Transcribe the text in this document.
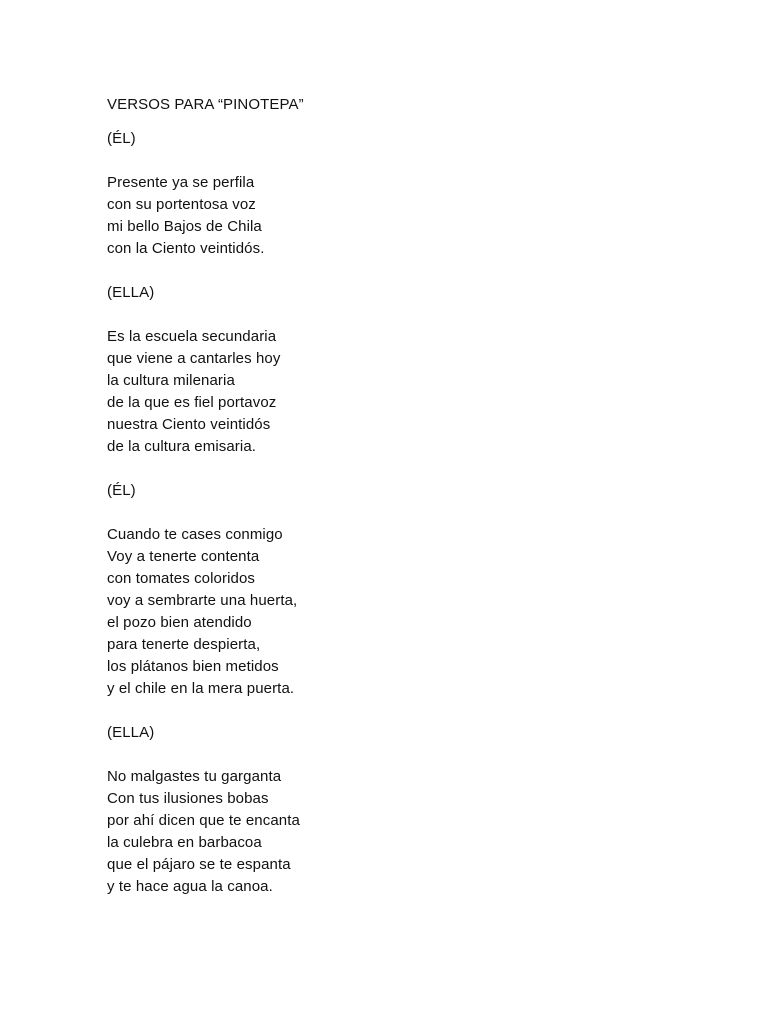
VERSOS PARA “PINOTEPA”
(ÉL)
Presente ya se perfila
con su portentosa voz
mi bello Bajos de Chila
con la Ciento veintidós.
(ELLA)
Es la escuela secundaria
que viene a cantarles hoy
la cultura milenaria
de la que es fiel portavoz
nuestra Ciento veintidós
de la cultura emisaria.
(ÉL)
Cuando te cases conmigo
Voy a tenerte contenta
con tomates coloridos
voy a sembrarte una huerta,
el pozo bien atendido
para tenerte despierta,
los plátanos bien metidos
y el chile en la mera puerta.
(ELLA)
No malgastes tu garganta
Con tus ilusiones bobas
por ahí dicen que te encanta
la culebra en barbacoa
que el pájaro se te espanta
y te hace agua la canoa.
